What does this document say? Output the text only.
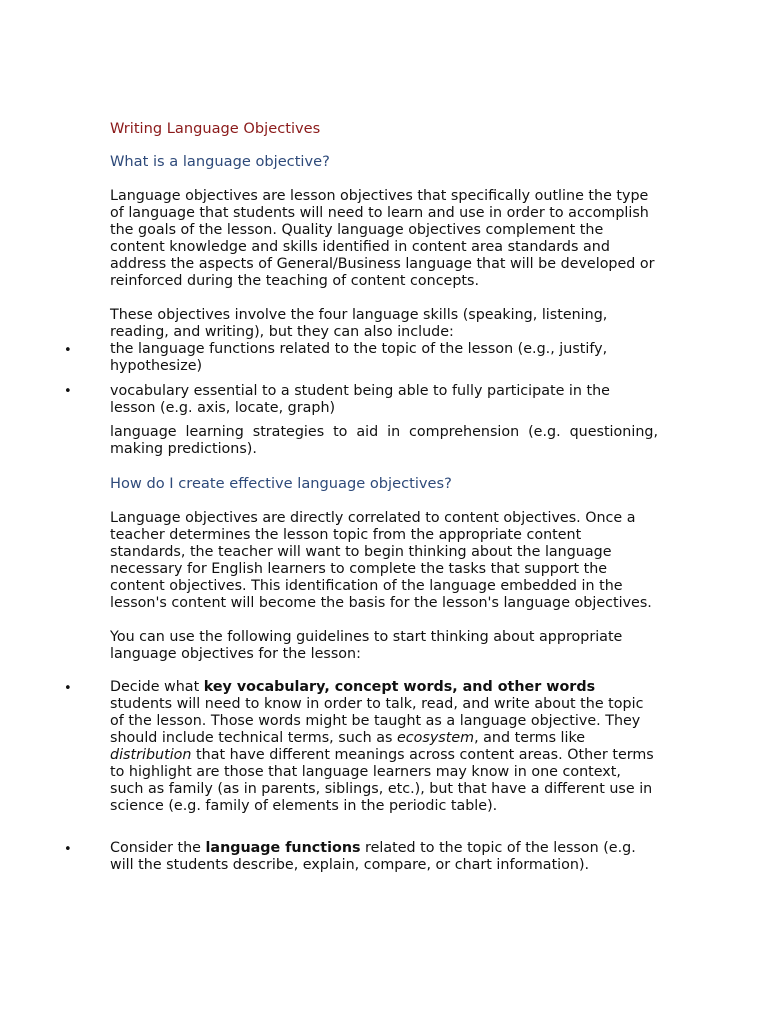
Writing Language Objectives

What is a language objective?

Language objectives are lesson objectives that specifically outline the type of language that students will need to learn and use in order to accomplish the goals of the lesson. Quality language objectives complement the content knowledge and skills identified in content area standards and address the aspects of General/Business language that will be developed or reinforced during the teaching of content concepts.

These objectives involve the four language skills (speaking, listening, reading, and writing), but they can also include:

•	the language functions related to the topic of the lesson (e.g., justify, hypothesize)

•	vocabulary essential to a student being able to fully participate in the lesson (e.g. axis, locate, graph)

language learning strategies to aid in comprehension (e.g. questioning, making predictions).

How do I create effective language objectives?

Language objectives are directly correlated to content objectives. Once a teacher determines the lesson topic from the appropriate content standards, the teacher will want to begin thinking about the language necessary for English learners to complete the tasks that support the content objectives. This identification of the language embedded in the lesson's content will become the basis for the lesson's language objectives.

You can use the following guidelines to start thinking about appropriate language objectives for the lesson:

•	Decide what key vocabulary, concept words, and other words students will need to know in order to talk, read, and write about the topic of the lesson. Those words might be taught as a language objective. They should include technical terms, such as ecosystem, and terms like distribution that have different meanings across content areas. Other terms to highlight are those that language learners may know in one context, such as family (as in parents, siblings, etc.), but that have a different use in science (e.g. family of elements in the periodic table).

•	Consider the language functions related to the topic of the lesson (e.g. will the students describe, explain, compare, or chart information).
